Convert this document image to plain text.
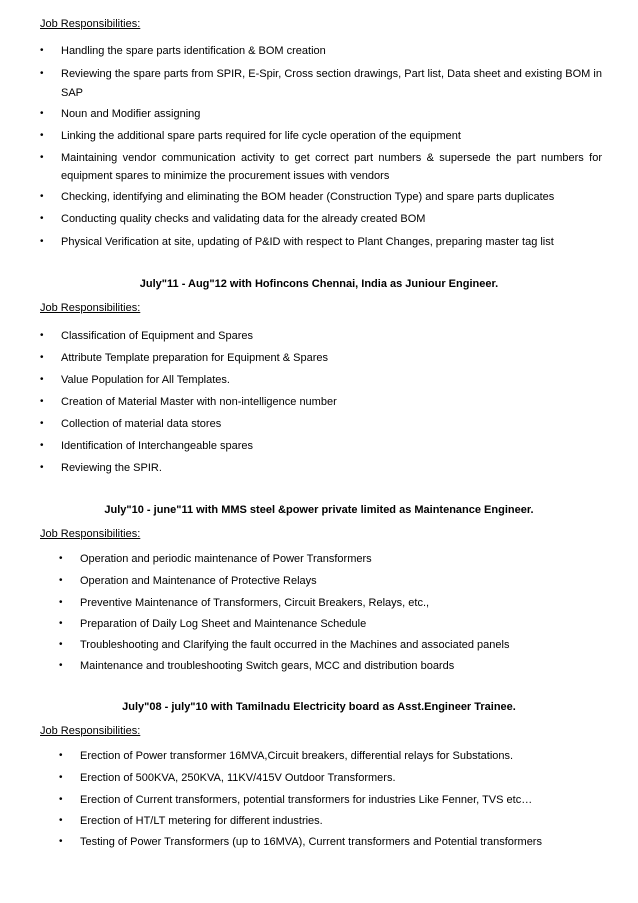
Job Responsibilities:
•	Handling the spare parts identification & BOM creation
•	Reviewing the spare parts from SPIR, E-Spir, Cross section drawings, Part list, Data sheet and existing BOM in
SAP
•	Noun and Modifier assigning
•	Linking the additional spare parts required for life cycle operation of the equipment
•	Maintaining vendor communication activity to get correct part numbers & supersede the part numbers for
equipment spares to minimize the procurement issues with vendors
•	Checking, identifying and eliminating the BOM header (Construction Type) and spare parts duplicates
•	Conducting quality checks and validating data for the already created BOM
•	Physical Verification at site, updating of P&ID with respect to Plant Changes, preparing master tag list
July"11 - Aug"12 with Hofincons Chennai, India as Juniour Engineer.
Job Responsibilities:
•	Classification of Equipment and Spares
•	Attribute Template preparation for Equipment & Spares
•	Value Population for All Templates.
•	Creation of Material Master with non-intelligence number
•	Collection of material data stores
•	Identification of Interchangeable spares
•	Reviewing the SPIR.
July"10 - june"11 with MMS steel &power private limited as Maintenance Engineer.
Job Responsibilities:
•	Operation and periodic maintenance of Power Transformers
•	Operation and Maintenance of Protective Relays
•	Preventive Maintenance of Transformers, Circuit Breakers, Relays, etc.,
•	Preparation of Daily Log Sheet and Maintenance Schedule
•	Troubleshooting and Clarifying the fault occurred in the Machines and associated panels
•	Maintenance and troubleshooting Switch gears, MCC and distribution boards
July"08 - july"10 with Tamilnadu Electricity board as Asst.Engineer Trainee.
Job Responsibilities:
•	Erection of Power transformer 16MVA,Circuit breakers, differential relays for Substations.
•	Erection of 500KVA, 250KVA, 11KV/415V Outdoor Transformers.
•	Erection of Current transformers, potential transformers for industries Like Fenner, TVS etc…
•	Erection of HT/LT metering for different industries.
•	Testing of Power Transformers (up to 16MVA), Current transformers and Potential transformers
